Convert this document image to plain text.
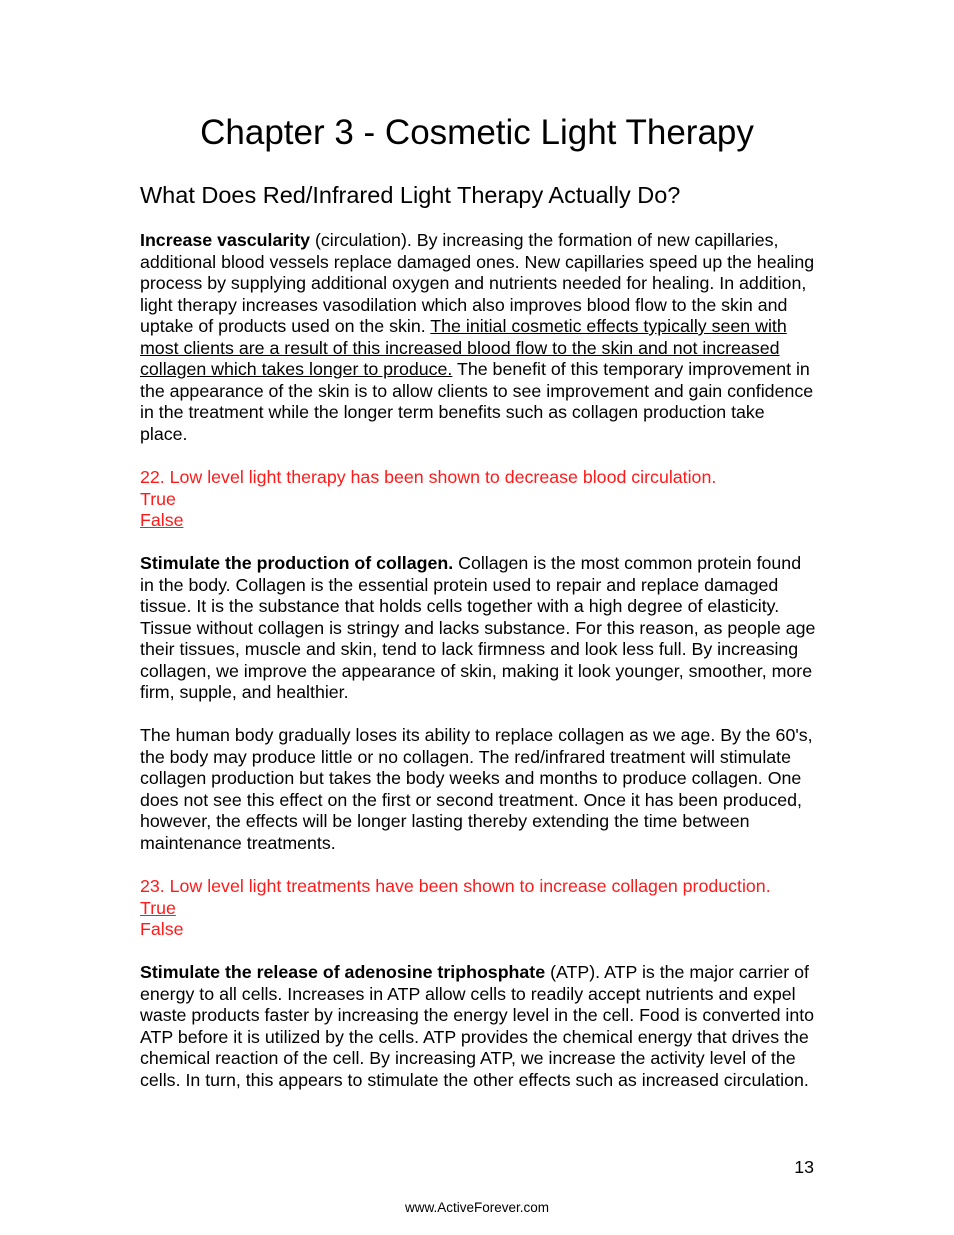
Chapter 3 - Cosmetic Light Therapy
What Does Red/Infrared Light Therapy Actually Do?

Increase vascularity (circulation). By increasing the formation of new capillaries, additional blood vessels replace damaged ones. New capillaries speed up the healing process by supplying additional oxygen and nutrients needed for healing. In addition, light therapy increases vasodilation which also improves blood flow to the skin and uptake of products used on the skin. The initial cosmetic effects typically seen with most clients are a result of this increased blood flow to the skin and not increased collagen which takes longer to produce. The benefit of this temporary improvement in the appearance of the skin is to allow clients to see improvement and gain confidence in the treatment while the longer term benefits such as collagen production take place.

22. Low level light therapy has been shown to decrease blood circulation.
True
False

Stimulate the production of collagen. Collagen is the most common protein found in the body. Collagen is the essential protein used to repair and replace damaged tissue. It is the substance that holds cells together with a high degree of elasticity. Tissue without collagen is stringy and lacks substance. For this reason, as people age their tissues, muscle and skin, tend to lack firmness and look less full. By increasing collagen, we improve the appearance of skin, making it look younger, smoother, more firm, supple, and healthier.

The human body gradually loses its ability to replace collagen as we age. By the 60's, the body may produce little or no collagen. The red/infrared treatment will stimulate collagen production but takes the body weeks and months to produce collagen. One does not see this effect on the first or second treatment. Once it has been produced, however, the effects will be longer lasting thereby extending the time between maintenance treatments.

23. Low level light treatments have been shown to increase collagen production.
True
False

Stimulate the release of adenosine triphosphate (ATP). ATP is the major carrier of energy to all cells. Increases in ATP allow cells to readily accept nutrients and expel waste products faster by increasing the energy level in the cell. Food is converted into ATP before it is utilized by the cells. ATP provides the chemical energy that drives the chemical reaction of the cell. By increasing ATP, we increase the activity level of the cells. In turn, this appears to stimulate the other effects such as increased circulation.

13
www.ActiveForever.com
